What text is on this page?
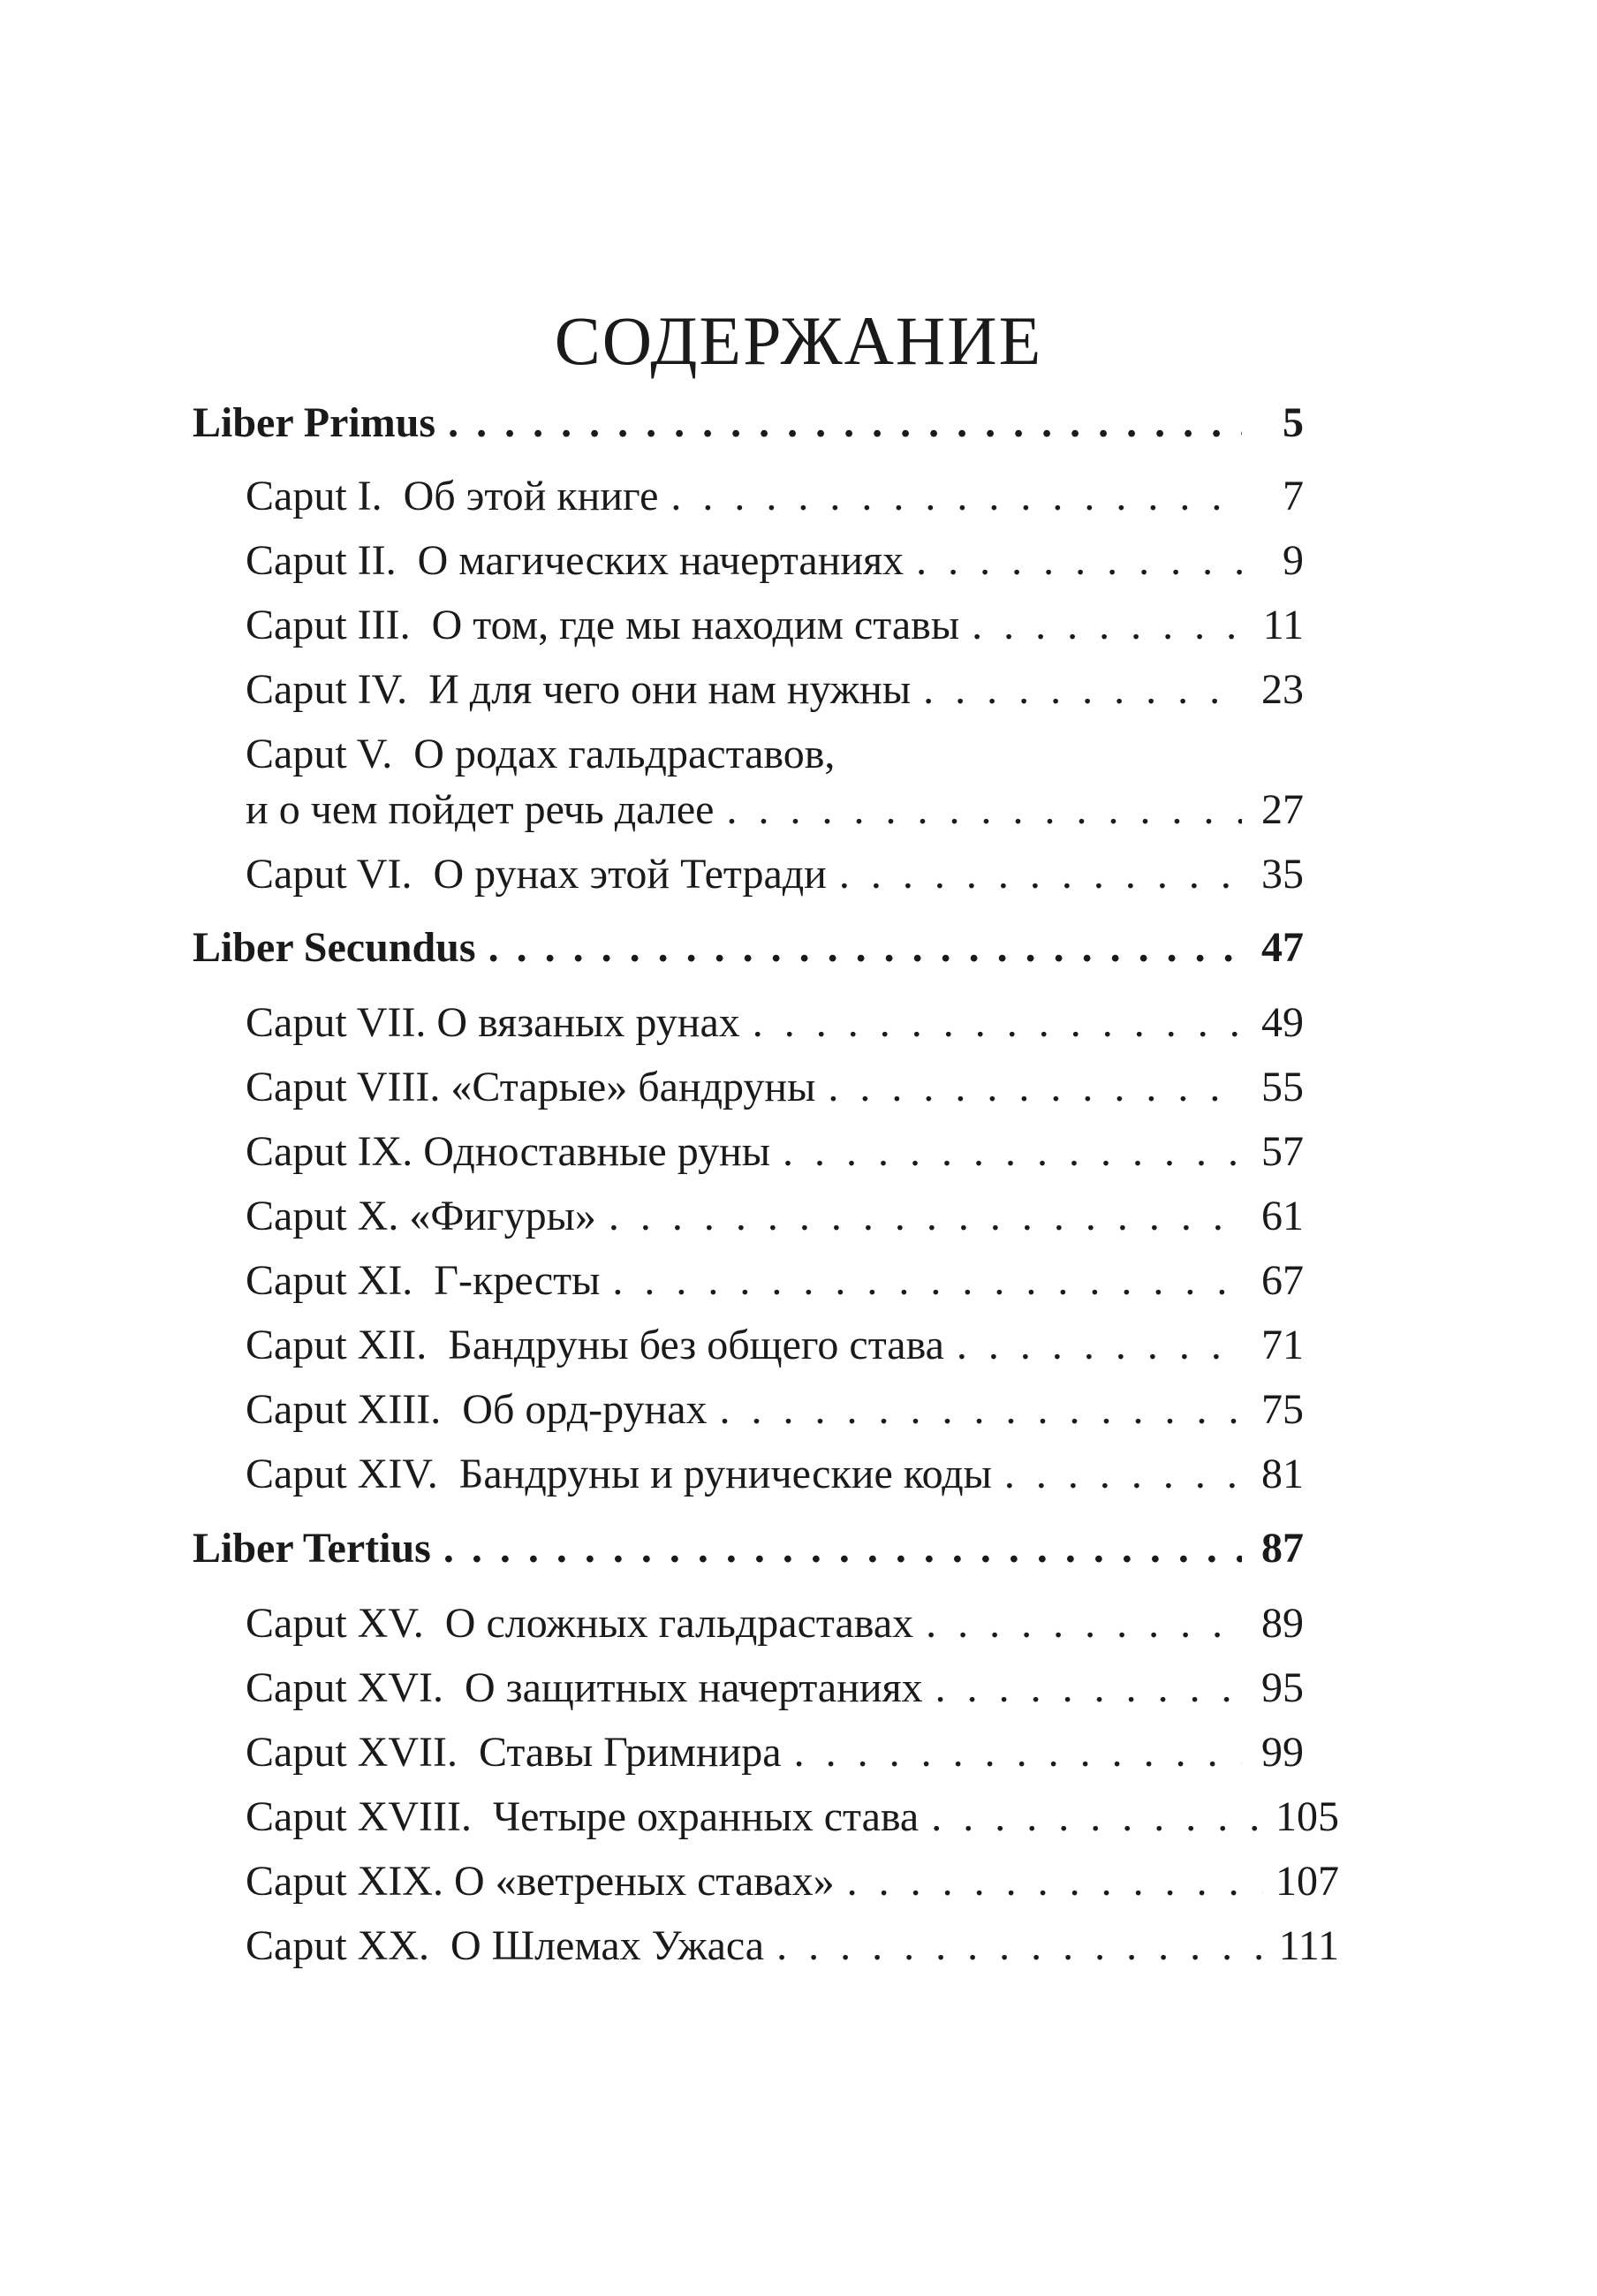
СОДЕРЖАНИЕ
Liber Primus . . .	5
Caput I.  Об этой книге . . .	7
Caput II.  О магических начертаниях . . .	9
Caput III.  О том, где мы находим ставы . . .	11
Caput IV.  И для чего они нам нужны . . .	23
Caput V.  О родах гальдраставов,
и о чем пойдет речь далее . . .	27
Caput VI.  О рунах этой Тетради . . .	35
Liber Secundus . . .	47
Caput VII. О вязаных рунах . . .	49
Caput VIII. «Старые» бандруны . . .	55
Caput IX. Одноставные руны . . .	57
Caput X. «Фигуры» . . .	61
Caput XI.  Г-кресты . . .	67
Caput XII.  Бандруны без общего става . . .	71
Caput XIII.  Об орд-рунах . . .	75
Caput XIV.  Бандруны и рунические коды . . .	81
Liber Tertius . . .	87
Caput XV.  О сложных гальдраставах . . .	89
Caput XVI.  О защитных начертаниях . . .	95
Caput XVII.  Ставы Гримнира . . .	99
Caput XVIII.  Четыре охранных става . . .	105
Caput XIX. О «ветреных ставах» . . .	107
Caput XX.  О Шлемах Ужаса . . .	111
